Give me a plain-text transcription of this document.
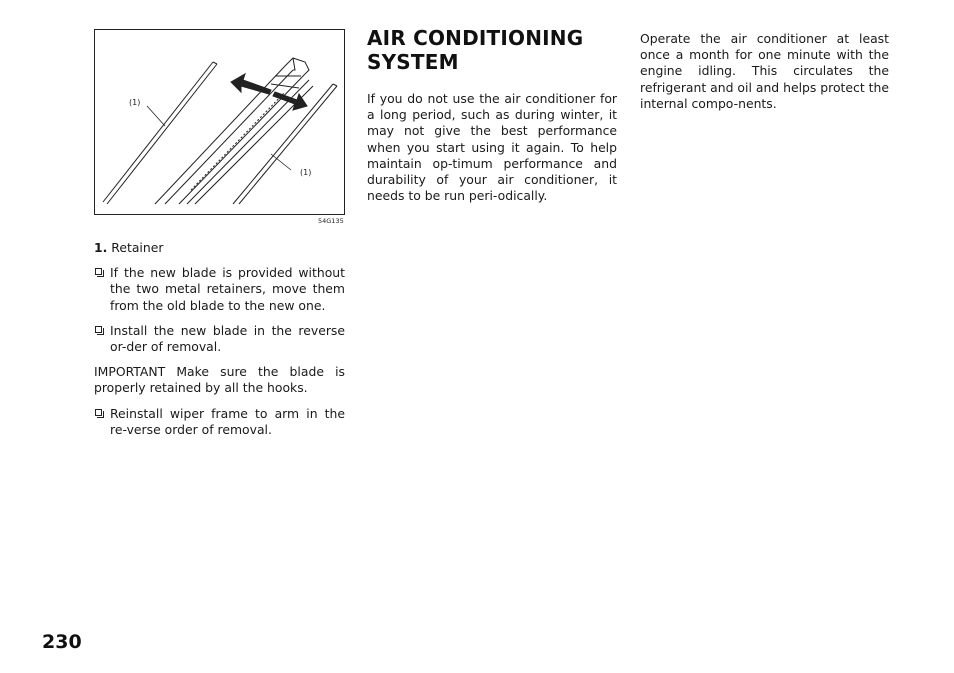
(1)
(1)
54G135

1. Retainer

If the new blade is provided without the two metal retainers, move them from the old blade to the new one.

Install the new blade in the reverse or-der of removal.

IMPORTANT Make sure the blade is properly retained by all the hooks.

Reinstall wiper frame to arm in the re-verse order of removal.

AIR CONDITIONING
SYSTEM
If you do not use the air conditioner for a long period, such as during winter, it may not give the best performance when you start using it again. To help maintain op-timum performance and durability of your air conditioner, it needs to be run peri-odically.
Operate the air conditioner at least once a month for one minute with the engine idling. This circulates the refrigerant and oil and helps protect the internal compo-nents.
230
